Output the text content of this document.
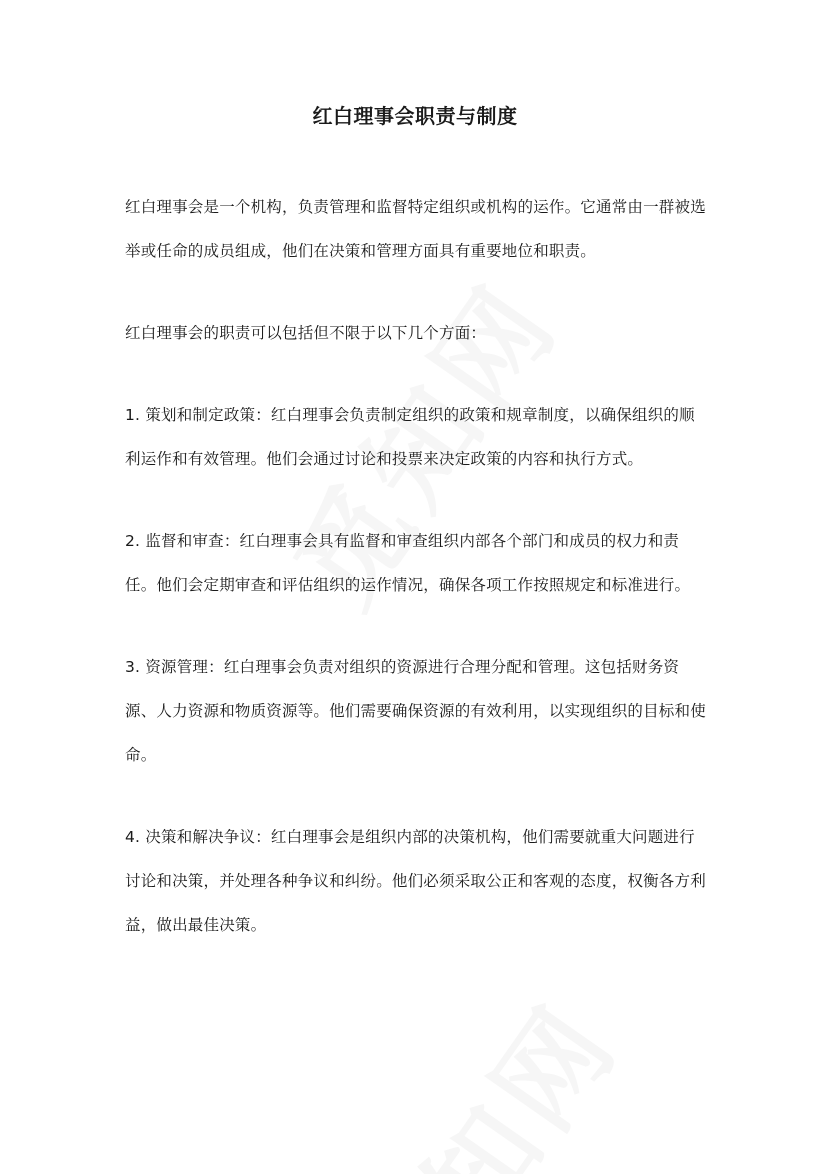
红白理事会职责与制度

红白理事会是一个机构，负责管理和监督特定组织或机构的运作。它通常由一群被选举或任命的成员组成，他们在决策和管理方面具有重要地位和职责。

红白理事会的职责可以包括但不限于以下几个方面：

1. 策划和制定政策：红白理事会负责制定组织的政策和规章制度，以确保组织的顺利运作和有效管理。他们会通过讨论和投票来决定政策的内容和执行方式。

2. 监督和审查：红白理事会具有监督和审查组织内部各个部门和成员的权力和责任。他们会定期审查和评估组织的运作情况，确保各项工作按照规定和标准进行。

3. 资源管理：红白理事会负责对组织的资源进行合理分配和管理。这包括财务资源、人力资源和物质资源等。他们需要确保资源的有效利用，以实现组织的目标和使命。

4. 决策和解决争议：红白理事会是组织内部的决策机构，他们需要就重大问题进行讨论和决策，并处理各种争议和纠纷。他们必须采取公正和客观的态度，权衡各方利益，做出最佳决策。
